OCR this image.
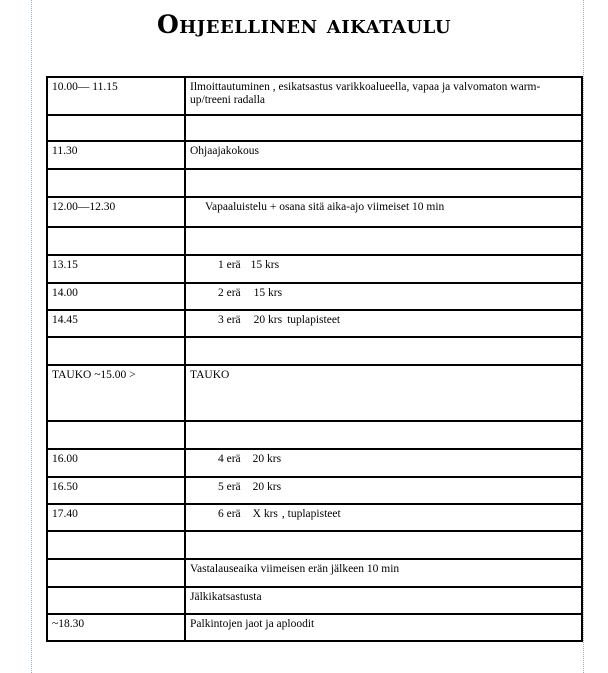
Ohjeellinen aikataulu
10.00— 11.15	Ilmoittautuminen , esikatsastus varikkoalueella, vapaa ja valvomaton warm-up/treeni radalla

11.30	Ohjaajakokous

12.00—12.30	Vapaaluistelu + osana sitä aika-ajo viimeiset 10 min

13.15	1 erä 15 krs
14.00	2 erä 15 krs
14.45	3 erä 20 krs tuplapisteet

TAUKO ~15.00 >	TAUKO

16.00	4 erä 20 krs
16.50	5 erä 20 krs
17.40	6 erä X krs , tuplapisteet

	Vastalauseaika viimeisen erän jälkeen 10 min
	Jälkikatsastusta
~18.30	Palkintojen jaot ja aploodit
